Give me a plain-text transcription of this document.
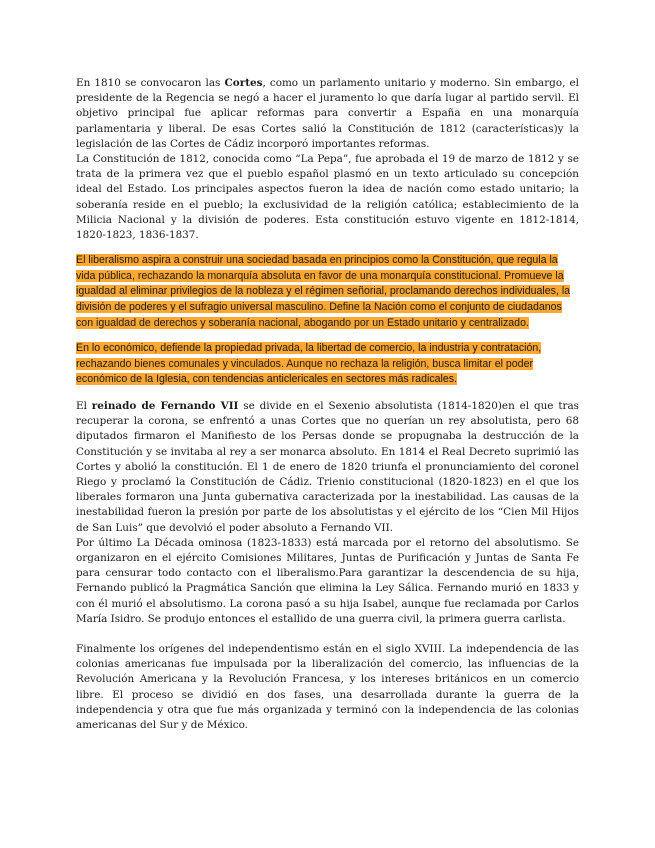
En 1810 se convocaron las Cortes, como un parlamento unitario y moderno. Sin embargo, el presidente de la Regencia se negó a hacer el juramento lo que daría lugar al partido servil. El objetivo principal fue aplicar reformas para convertir a España en una monarquía parlamentaria y liberal. De esas Cortes salió la Constitución de 1812 (características)y la legislación de las Cortes de Cádiz incorporó importantes reformas.

La Constitución de 1812, conocida como “La Pepa”, fue aprobada el 19 de marzo de 1812 y se trata de la primera vez que el pueblo español plasmó en un texto articulado su concepción ideal del Estado. Los principales aspectos fueron la idea de nación como estado unitario; la soberanía reside en el pueblo; la exclusividad de la religión católica; establecimiento de la Milicia Nacional y la división de poderes. Esta constitución estuvo vigente en 1812-1814, 1820-1823, 1836-1837.

El liberalismo aspira a construir una sociedad basada en principios como la Constitución, que regula la vida pública, rechazando la monarquía absoluta en favor de una monarquía constitucional. Promueve la igualdad al eliminar privilegios de la nobleza y el régimen señorial, proclamando derechos individuales, la división de poderes y el sufragio universal masculino. Define la Nación como el conjunto de ciudadanos con igualdad de derechos y soberanía nacional, abogando por un Estado unitario y centralizado.

En lo económico, defiende la propiedad privada, la libertad de comercio, la industria y contratación, rechazando bienes comunales y vinculados. Aunque no rechaza la religión, busca limitar el poder económico de la Iglesia, con tendencias anticlericales en sectores más radicales.

El reinado de Fernando VII se divide en el Sexenio absolutista (1814-1820)en el que tras recuperar la corona, se enfrentó a unas Cortes que no querían un rey absolutista, pero 68 diputados firmaron el Manifiesto de los Persas donde se propugnaba la destrucción de la Constitución y se invitaba al rey a ser monarca absoluto. En 1814 el Real Decreto suprimió las Cortes y abolió la constitución. El 1 de enero de 1820 triunfa el pronunciamiento del coronel Riego y proclamó la Constitución de Cádiz. Trienio constitucional (1820-1823) en el que los liberales formaron una Junta gubernativa caracterizada por la inestabilidad. Las causas de la inestabilidad fueron la presión por parte de los absolutistas y el ejército de los “Cien Mil Hijos de San Luis” que devolvió el poder absoluto a Fernando VII.

Por último La Década ominosa (1823-1833) está marcada por el retorno del absolutismo. Se organizaron en el ejército Comisiones Militares, Juntas de Purificación y Juntas de Santa Fe para censurar todo contacto con el liberalismo.Para garantizar la descendencia de su hija, Fernando publicó la Pragmática Sanción que elimina la Ley Sálica. Fernando murió en 1833 y con él murió el absolutismo. La corona pasó a su hija Isabel, aunque fue reclamada por Carlos María Isidro. Se produjo entonces el estallido de una guerra civil, la primera guerra carlista.

Finalmente los orígenes del independentismo están en el siglo XVIII. La independencia de las colonias americanas fue impulsada por la liberalización del comercio, las influencias de la Revolución Americana y la Revolución Francesa, y los intereses británicos en un comercio libre. El proceso se dividió en dos fases, una desarrollada durante la guerra de la independencia y otra que fue más organizada y terminó con la independencia de las colonias americanas del Sur y de México.
